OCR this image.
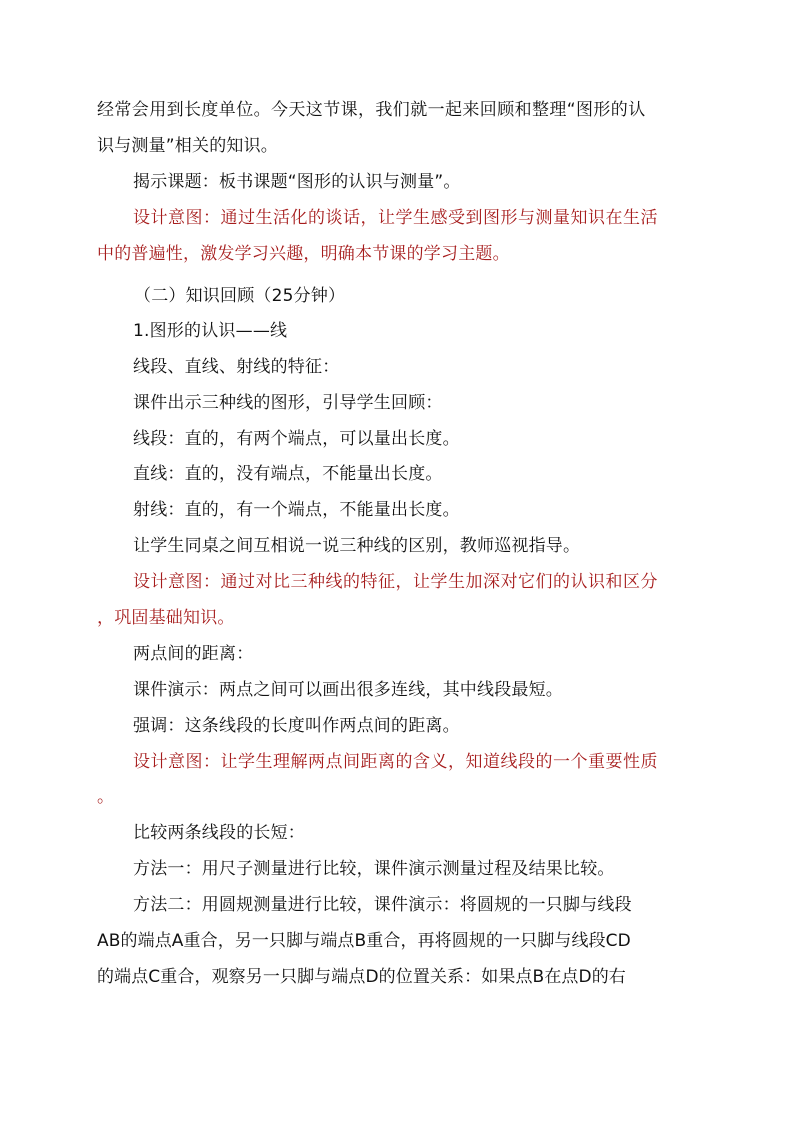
经常会用到长度单位。今天这节课，我们就一起来回顾和整理“图形的认
识与测量”相关的知识。
揭示课题：板书课题“图形的认识与测量”。
设计意图：通过生活化的谈话，让学生感受到图形与测量知识在生活
中的普遍性，激发学习兴趣，明确本节课的学习主题。
（二）知识回顾（25分钟）
1.图形的认识——线
线段、直线、射线的特征：
课件出示三种线的图形，引导学生回顾：
线段：直的，有两个端点，可以量出长度。
直线：直的，没有端点，不能量出长度。
射线：直的，有一个端点，不能量出长度。
让学生同桌之间互相说一说三种线的区别，教师巡视指导。
设计意图：通过对比三种线的特征，让学生加深对它们的认识和区分
，巩固基础知识。
两点间的距离：
课件演示：两点之间可以画出很多连线，其中线段最短。
强调：这条线段的长度叫作两点间的距离。
设计意图：让学生理解两点间距离的含义，知道线段的一个重要性质
。
比较两条线段的长短：
方法一：用尺子测量进行比较，课件演示测量过程及结果比较。
方法二：用圆规测量进行比较，课件演示：将圆规的一只脚与线段
AB的端点A重合，另一只脚与端点B重合，再将圆规的一只脚与线段CD
的端点C重合，观察另一只脚与端点D的位置关系：如果点B在点D的右
